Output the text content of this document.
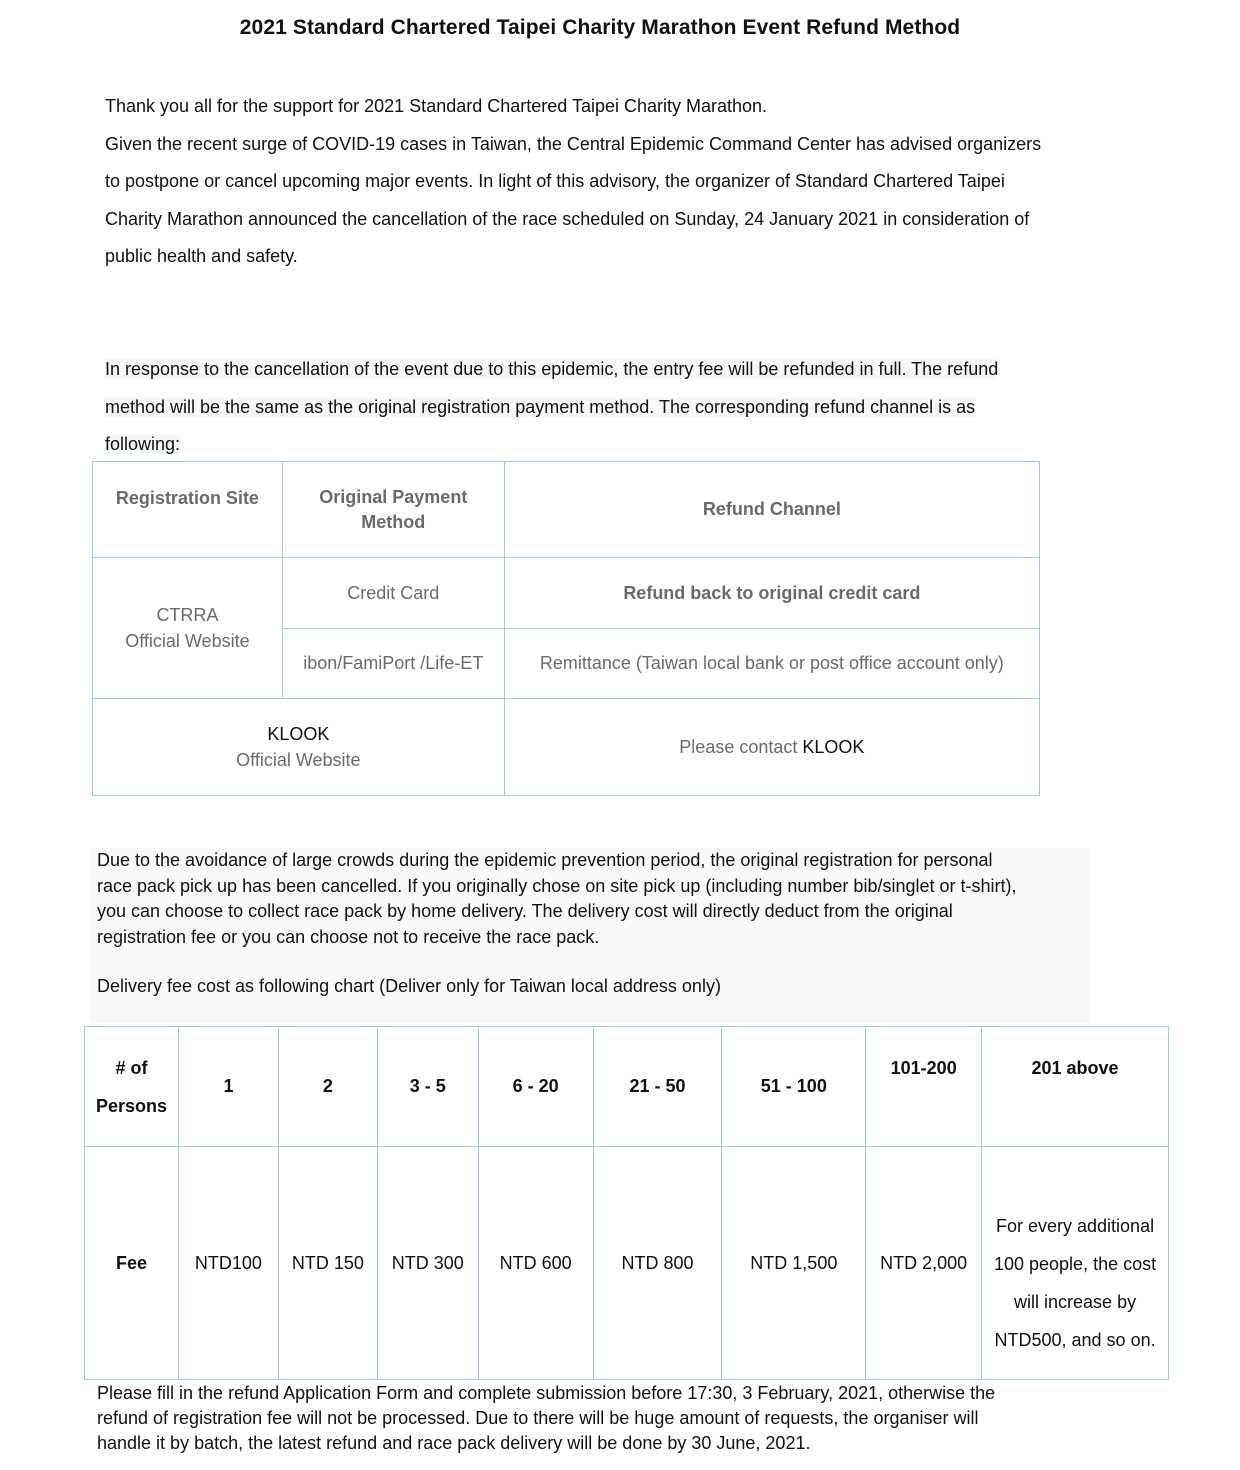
2021 Standard Chartered Taipei Charity Marathon Event Refund Method
Thank you all for the support for 2021 Standard Chartered Taipei Charity Marathon.
Given the recent surge of COVID-19 cases in Taiwan, the Central Epidemic Command Center has advised organizers
to postpone or cancel upcoming major events. In light of this advisory, the organizer of Standard Chartered Taipei
Charity Marathon announced the cancellation of the race scheduled on Sunday, 24 January 2021 in consideration of
public health and safety.
In response to the cancellation of the event due to this epidemic, the entry fee will be refunded in full. The refund
method will be the same as the original registration payment method. The corresponding refund channel is as
following:
Registration Site	Original Payment Method	Refund Channel

CTRRA
Official Website	Credit Card	Refund back to original credit card
	ibon/FamiPort /Life-ET	Remittance (Taiwan local bank or post office account only)

KLOOK
Official Website		Please contact KLOOK
Due to the avoidance of large crowds during the epidemic prevention period, the original registration for personal
race pack pick up has been cancelled. If you originally chose on site pick up (including number bib/singlet or t-shirt),
you can choose to collect race pack by home delivery. The delivery cost will directly deduct from the original
registration fee or you can choose not to receive the race pack.
Delivery fee cost as following chart (Deliver only for Taiwan local address only)
# of
Persons	1	2	3 - 5	6 - 20	21 - 50	51 - 100	101-200	201 above
Fee	NTD100	NTD 150	NTD 300	NTD 600	NTD 800	NTD 1,500	NTD 2,000	For every additional
100 people, the cost
will increase by
NTD500, and so on.
Please fill in the refund Application Form and complete submission before 17:30, 3 February, 2021, otherwise the
refund of registration fee will not be processed. Due to there will be huge amount of requests, the organiser will
handle it by batch, the latest refund and race pack delivery will be done by 30 June, 2021.
